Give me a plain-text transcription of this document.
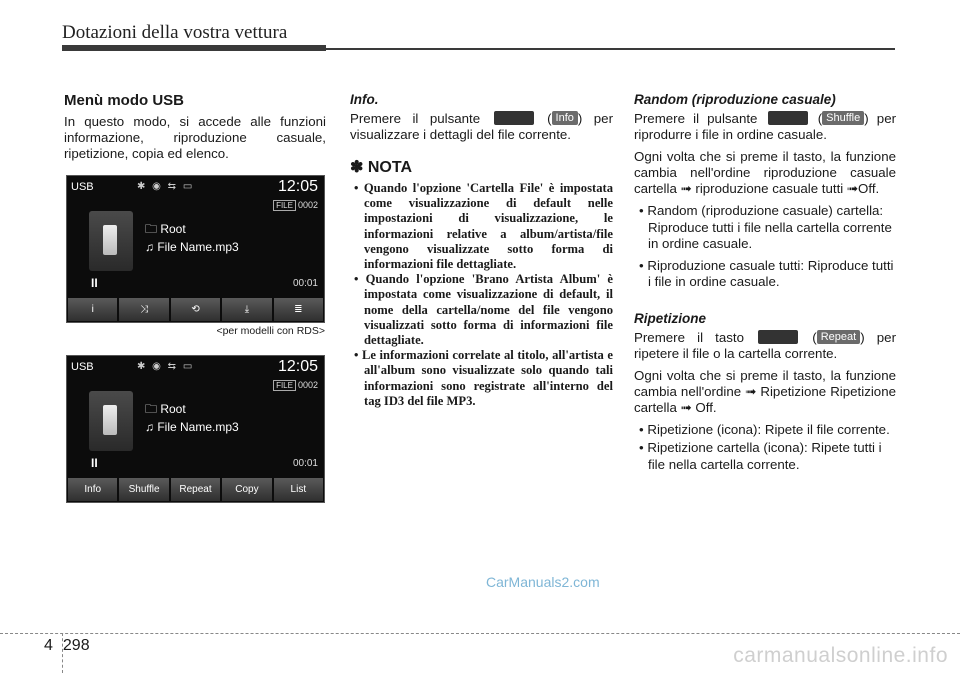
Dotazioni della vostra vettura
Menù modo USB

In questo modo, si accede alle funzioni informazione, riproduzione casuale, ripetizione, copia ed elenco.

USB	✱ ◉ ⇆ ▭	12:05
FILE 0002
🗀 Root
♫ File Name.mp3
II	00:01
i	⤨	⟲	⤓	≣
<per modelli con RDS>
USB	✱ ◉ ⇆ ▭	12:05
FILE 0002
🗀 Root
♫ File Name.mp3
II	00:01
Info	Shuffle	Repeat	Copy	List
Info.

Premere il pulsante	( Info ) per visualizzare i dettagli del file corrente.

✽ NOTA
• Quando l'opzione 'Cartella File' è impostata come visualizzazione di default nelle impostazioni di visualizzazione, le informazioni relative a album/artista/file vengono visualizzate sotto forma di informazioni file dettagliate.
• Quando l'opzione 'Brano Artista Album' è impostata come visualizzazione di default, il nome della cartella/nome del file vengono visualizzati sotto forma di informazioni file dettagliate.
• Le informazioni correlate al titolo, all'artista e all'album sono visualizzate solo quando tali informazioni sono registrate all'interno del tag ID3 del file MP3.
Random (riproduzione casuale)

Premere il pulsante	( Shuffle ) per riprodurre i file in ordine casuale.

Ogni volta che si preme il tasto, la funzione cambia nell'ordine riproduzione casuale cartella ➟ riproduzione casuale tutti ➟Off.

• Random (riproduzione casuale) cartella: Riproduce tutti i file nella cartella corrente in ordine casuale.
• Riproduzione casuale tutti: Riproduce tutti i file in ordine casuale.
Ripetizione

Premere il tasto	( Repeat ) per ripetere il file o la cartella corrente.

Ogni volta che si preme il tasto, la funzione cambia nell'ordine ➟ Ripetizione Ripetizione cartella ➟ Off.

• Ripetizione (icona): Ripete il file corrente.
• Ripetizione cartella (icona): Ripete tutti i file nella cartella corrente.
CarManuals2.com
4 298	carmanualsonline.info
